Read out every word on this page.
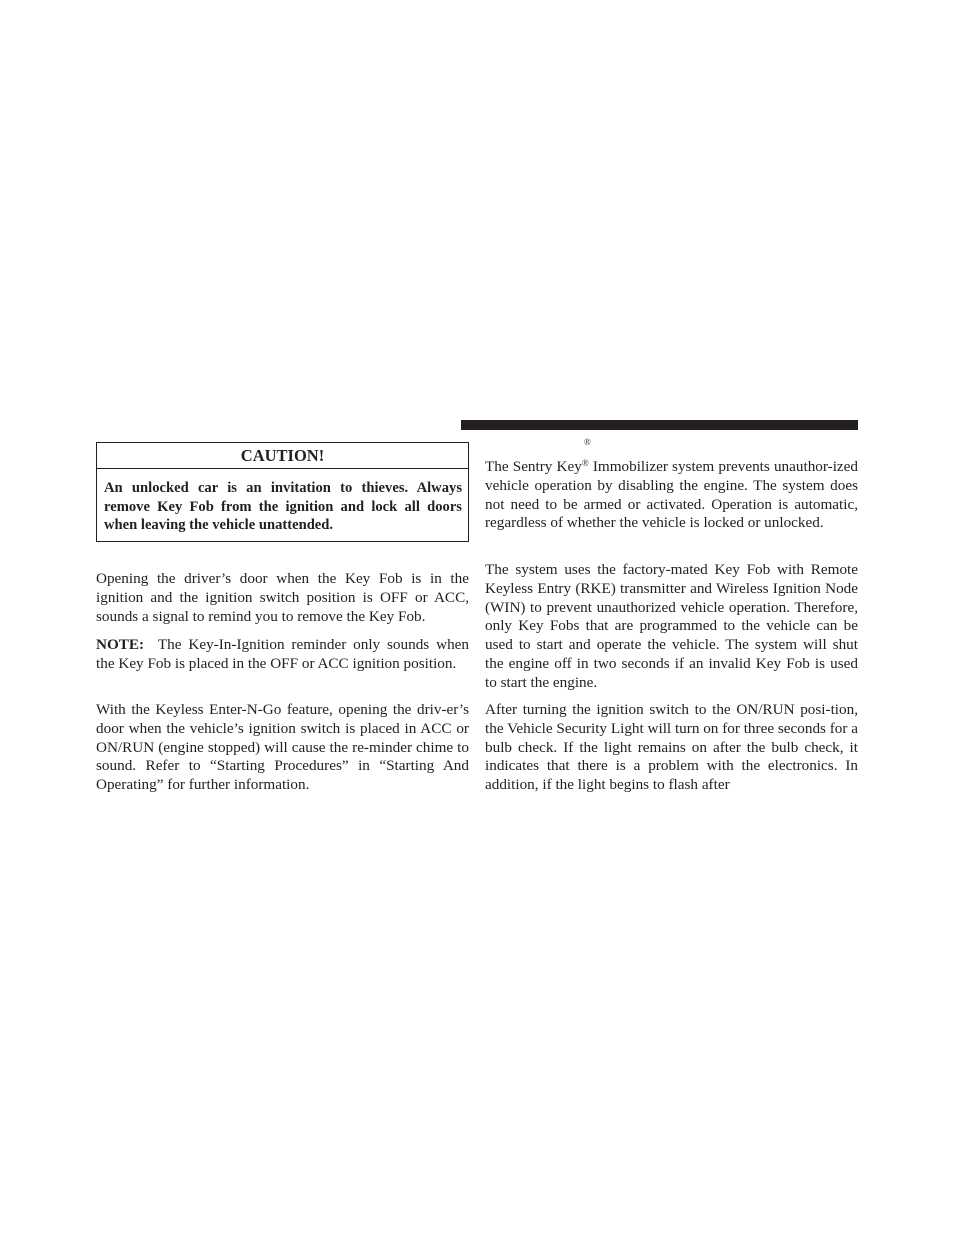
®
CAUTION!
An unlocked car is an invitation to thieves. Always remove Key Fob from the ignition and lock all doors when leaving the vehicle unattended.

Opening the driver’s door when the Key Fob is in the ignition and the ignition switch position is OFF or ACC, sounds a signal to remind you to remove the Key Fob.

NOTE: The Key-In-Ignition reminder only sounds when the Key Fob is placed in the OFF or ACC ignition position.

With the Keyless Enter-N-Go feature, opening the driv-er’s door when the vehicle’s ignition switch is placed in ACC or ON/RUN (engine stopped) will cause the re-minder chime to sound. Refer to “Starting Procedures” in “Starting And Operating” for further information.

The Sentry Key® Immobilizer system prevents unauthor-ized vehicle operation by disabling the engine. The system does not need to be armed or activated. Operation is automatic, regardless of whether the vehicle is locked or unlocked.

The system uses the factory-mated Key Fob with Remote Keyless Entry (RKE) transmitter and Wireless Ignition Node (WIN) to prevent unauthorized vehicle operation. Therefore, only Key Fobs that are programmed to the vehicle can be used to start and operate the vehicle. The system will shut the engine off in two seconds if an invalid Key Fob is used to start the engine.

After turning the ignition switch to the ON/RUN posi-tion, the Vehicle Security Light will turn on for three seconds for a bulb check. If the light remains on after the bulb check, it indicates that there is a problem with the electronics. In addition, if the light begins to flash after
